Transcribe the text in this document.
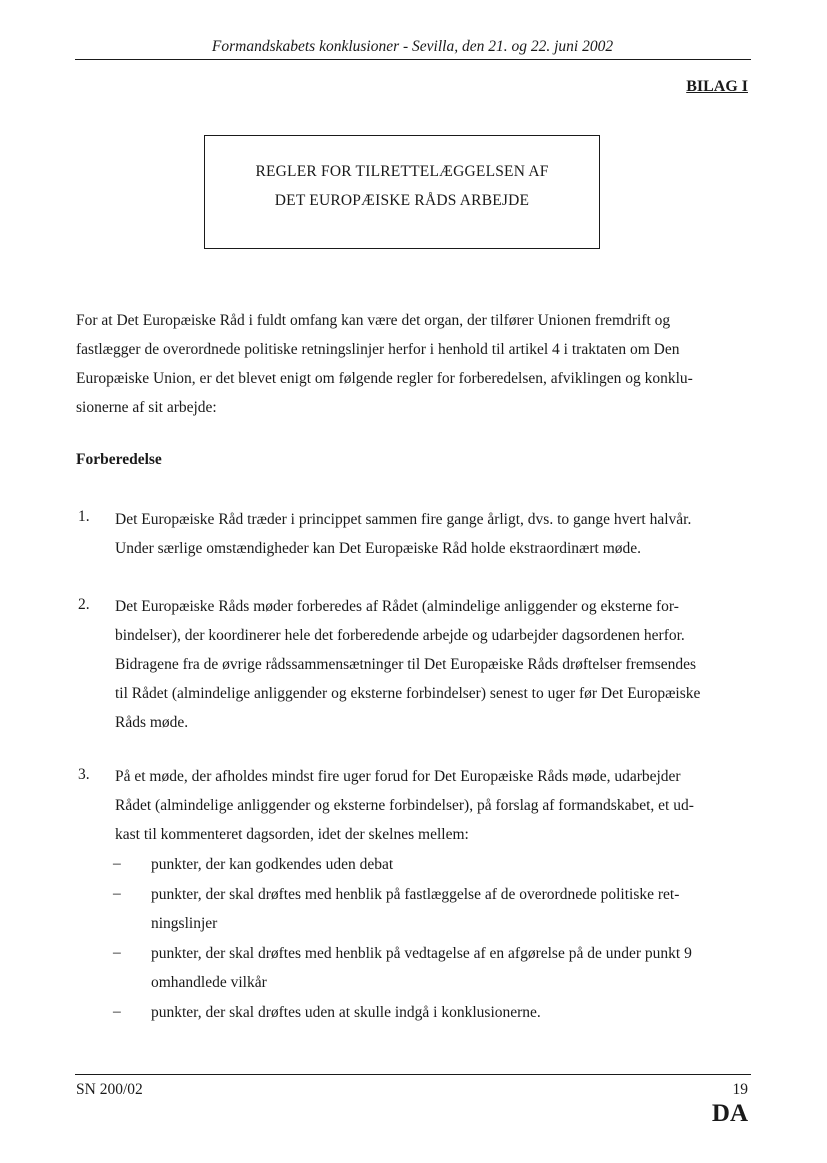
Formandskabets konklusioner - Sevilla, den 21. og 22. juni 2002
BILAG I
REGLER FOR TILRETTELÆGGELSEN AF
DET EUROPÆISKE RÅDS ARBEJDE
For at Det Europæiske Råd i fuldt omfang kan være det organ, der tilfører Unionen fremdrift og
fastlægger de overordnede politiske retningslinjer herfor i henhold til artikel 4 i traktaten om Den
Europæiske Union, er det blevet enigt om følgende regler for forberedelsen, afviklingen og konklu-
sionerne af sit arbejde:
Forberedelse
1. Det Europæiske Råd træder i princippet sammen fire gange årligt, dvs. to gange hvert halvår.
Under særlige omstændigheder kan Det Europæiske Råd holde ekstraordinært møde.
2. Det Europæiske Råds møder forberedes af Rådet (almindelige anliggender og eksterne for-
bindelser), der koordinerer hele det forberedende arbejde og udarbejder dagsordenen herfor.
Bidragene fra de øvrige rådssammensætninger til Det Europæiske Råds drøftelser fremsendes
til Rådet (almindelige anliggender og eksterne forbindelser) senest to uger før Det Europæiske
Råds møde.
3. På et møde, der afholdes mindst fire uger forud for Det Europæiske Råds møde, udarbejder
Rådet (almindelige anliggender og eksterne forbindelser), på forslag af formandskabet, et ud-
kast til kommenteret dagsorden, idet der skelnes mellem:
– punkter, der kan godkendes uden debat
– punkter, der skal drøftes med henblik på fastlæggelse af de overordnede politiske ret-
ningslinjer
– punkter, der skal drøftes med henblik på vedtagelse af en afgørelse på de under punkt 9
omhandlede vilkår
– punkter, der skal drøftes uden at skulle indgå i konklusionerne.
SN 200/02	19
DA
